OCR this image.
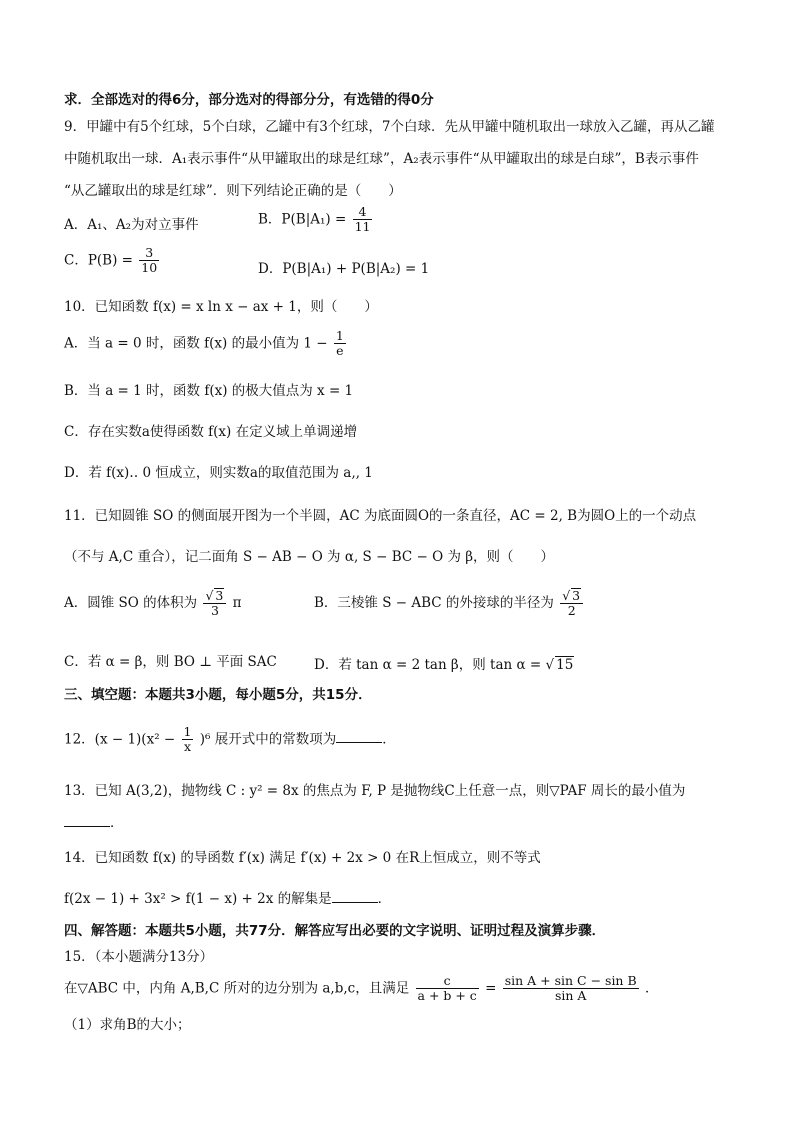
求．全部选对的得6分，部分选对的得部分分，有选错的得0分
9．甲罐中有5个红球，5个白球，乙罐中有3个红球，7个白球．先从甲罐中随机取出一球放入乙罐，再从乙罐
中随机取出一球．A₁表示事件“从甲罐取出的球是红球”，A₂表示事件“从甲罐取出的球是白球”，B表示事件
“从乙罐取出的球是红球”．则下列结论正确的是（　　）
A．A₁、A₂为对立事件	B．$P(B|A_1) = \frac{4}{11}$
C．$P(B) = \frac{3}{10}$	D．P(B|A₁) + P(B|A₂) = 1
10．已知函数 f(x) = x ln x − ax + 1，则（　　）
A．当 a = 0 时，函数 f(x) 的最小值为 $1 - \frac{1}{e}$
B．当 a = 1 时，函数 f(x) 的极大值点为 x = 1
C．存在实数a使得函数 f(x) 在定义域上单调递增
D．若 f(x)‥ 0 恒成立，则实数a的取值范围为 a‚‚ 1
11．已知圆锥 SO 的侧面展开图为一个半圆，AC 为底面圆O的一条直径，AC = 2, B为圆O上的一个动点
（不与 A,C 重合），记二面角 S − AB − O 为 α, S − BC − O 为 β，则（　　）
A．圆锥 SO 的体积为 $\frac{√ 3}{3}$ π	B．三棱锥 S − ABC 的外接球的半径为 $\frac{√ 3}{2}$
C．若 α = β，则 BO ⊥ 平面 SAC	D．若 tan α = 2 tan β，则 tan α = √ 15
三、填空题：本题共3小题，每小题5分，共15分．
12．$(x - 1)(x^2 - \frac{1}{x} )^6$ 展开式中的常数项为	．
13．已知 A(3,2)，抛物线 C : y² = 8x 的焦点为 F, P 是抛物线C上任意一点，则▽PAF 周长的最小值为
．
14．已知函数 f(x) 的导函数 f′(x) 满足 f′(x) + 2x > 0 在R上恒成立，则不等式
f(2x − 1) + 3x² > f(1 − x) + 2x 的解集是	．
四、解答题：本题共5小题，共77分．解答应写出必要的文字说明、证明过程及演算步骤．
15．（本小题满分13分）
在▽ABC 中，内角 A,B,C 所对的边分别为 a,b,c，且满足 $\frac{c}{a + b + c} = \frac{\text{sin A + sin C − sin B}}{\text{sin A}}$ ．
（1）求角B的大小；
